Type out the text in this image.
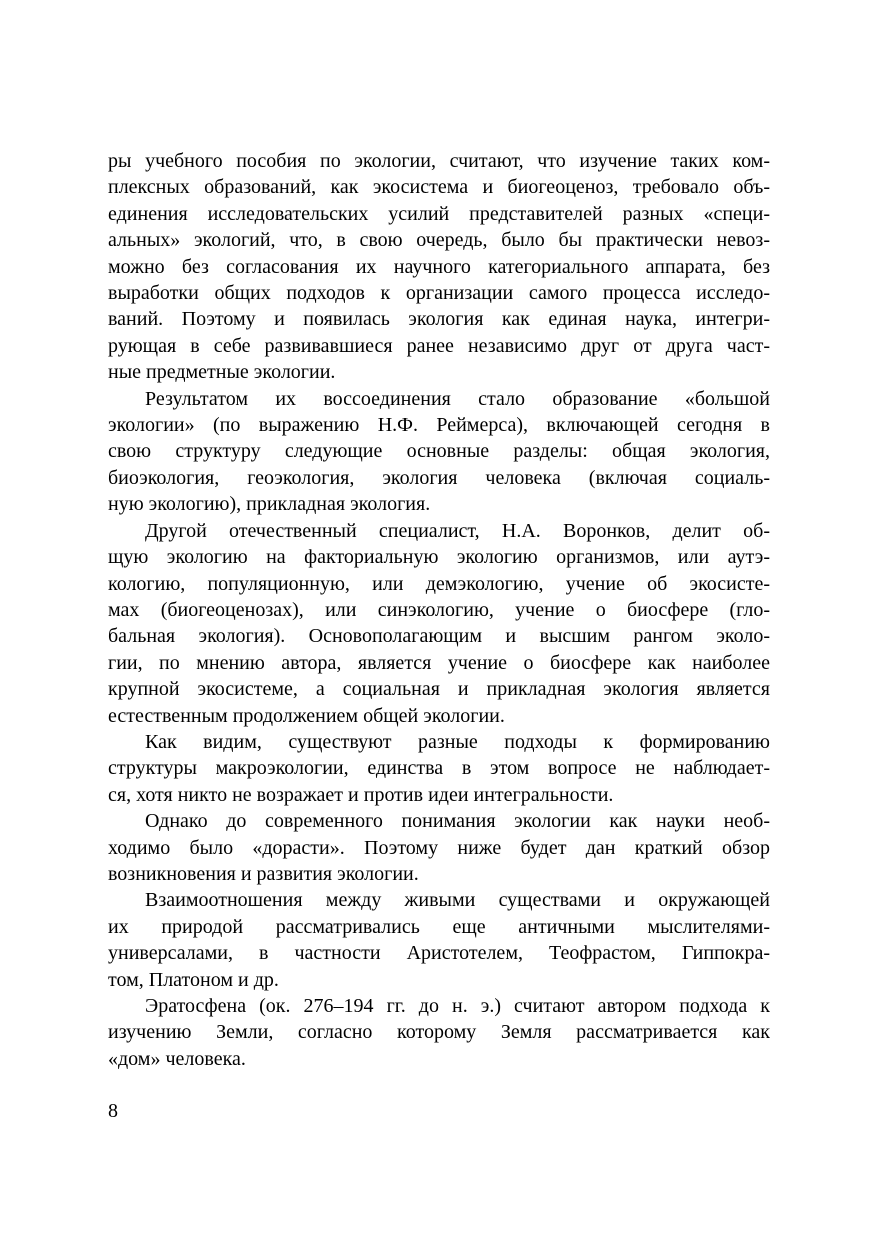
ры учебного пособия по экологии, считают, что изучение таких ком-
плексных образований, как экосистема и биогеоценоз, требовало объ-
единения исследовательских усилий представителей разных «специ-
альных» экологий, что, в свою очередь, было бы практически невоз-
можно без согласования их научного категориального аппарата, без
выработки общих подходов к организации самого процесса исследо-
ваний. Поэтому и появилась экология как единая наука, интегри-
рующая в себе развивавшиеся ранее независимо друг от друга част-
ные предметные экологии.
Результатом их воссоединения стало образование «большой
экологии» (по выражению Н.Ф. Реймерса), включающей сегодня в
свою структуру следующие основные разделы: общая экология,
биоэкология, геоэкология, экология человека (включая социаль-
ную экологию), прикладная экология.
Другой отечественный специалист, Н.А. Воронков, делит об-
щую экологию на факториальную экологию организмов, или аутэ-
кологию, популяционную, или демэкологию, учение об экосисте-
мах (биогеоценозах), или синэкологию, учение о биосфере (гло-
бальная экология). Основополагающим и высшим рангом эколо-
гии, по мнению автора, является учение о биосфере как наиболее
крупной экосистеме, а социальная и прикладная экология является
естественным продолжением общей экологии.
Как видим, существуют разные подходы к формированию
структуры макроэкологии, единства в этом вопросе не наблюдает-
ся, хотя никто не возражает и против идеи интегральности.
Однако до современного понимания экологии как науки необ-
ходимо было «дорасти». Поэтому ниже будет дан краткий обзор
возникновения и развития экологии.
Взаимоотношения между живыми существами и окружающей
их природой рассматривались еще античными мыслителями-
универсалами, в частности Аристотелем, Теофрастом, Гиппокра-
том, Платоном и др.
Эратосфена (ок. 276–194 гг. до н. э.) считают автором подхода к
изучению Земли, согласно которому Земля рассматривается как
«дом» человека.
8
